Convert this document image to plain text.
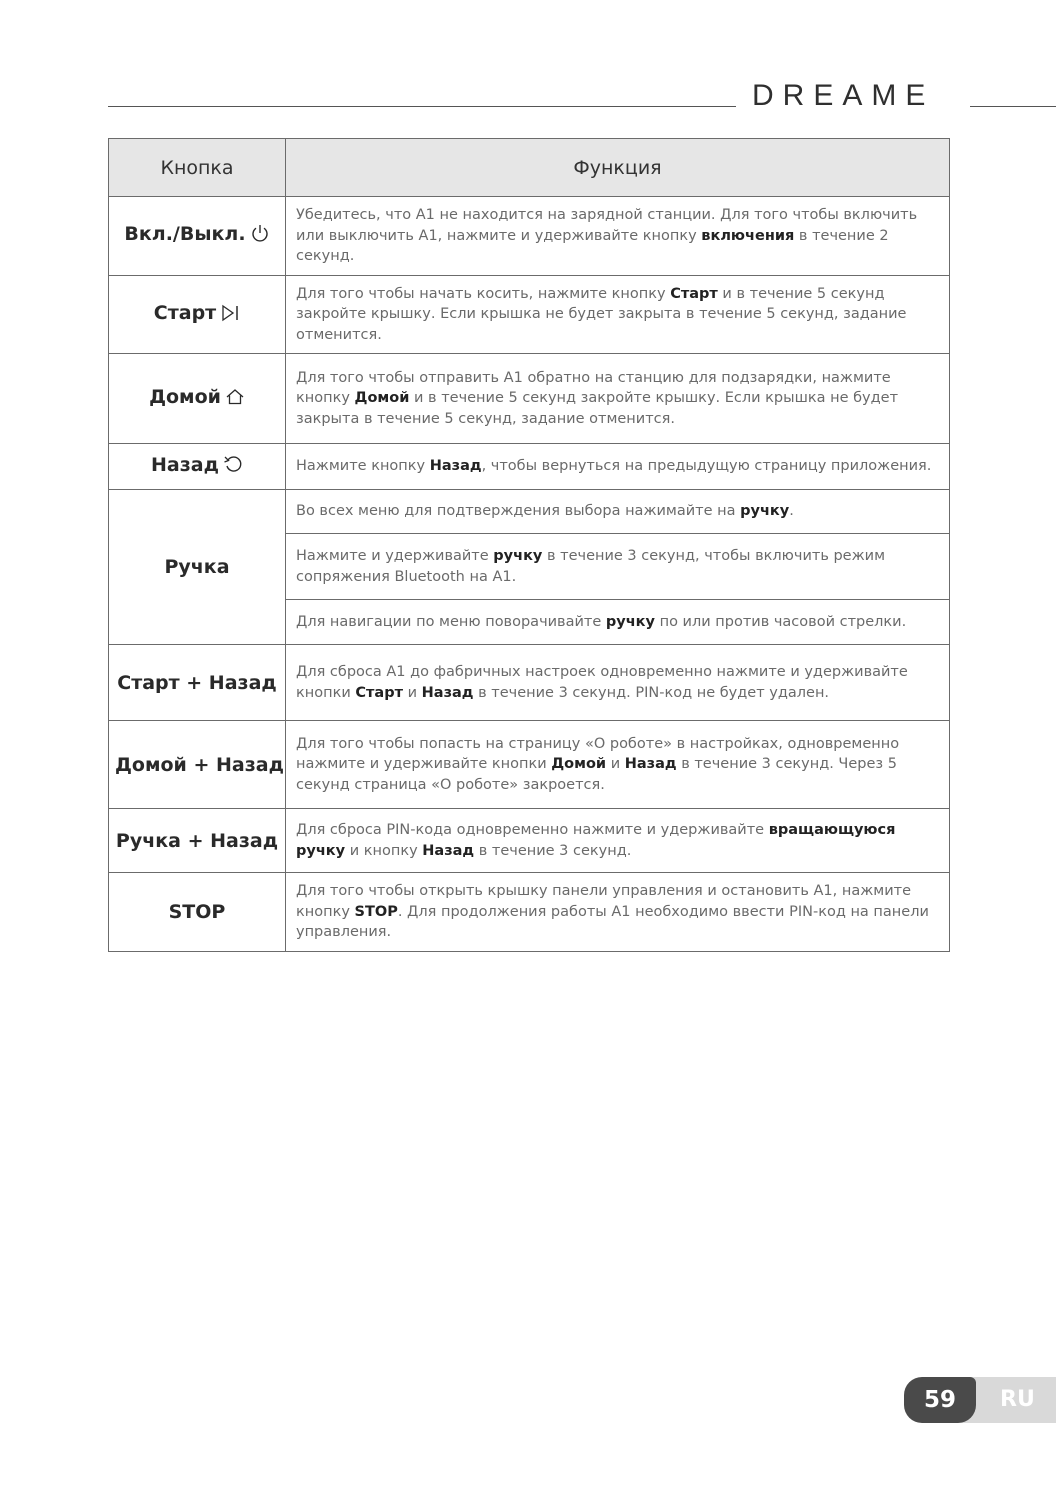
DREAME
Кнопка	Функция
Вкл./Выкл.	Убедитесь, что A1 не находится на зарядной станции. Для того чтобы включить или выключить A1, нажмите и удерживайте кнопку включения в течение 2 секунд.
Старт	Для того чтобы начать косить, нажмите кнопку Старт и в течение 5 секунд закройте крышку. Если крышка не будет закрыта в течение 5 секунд, задание отменится.
Домой	Для того чтобы отправить A1 обратно на станцию для подзарядки, нажмите кнопку Домой и в течение 5 секунд закройте крышку. Если крышка не будет закрыта в течение 5 секунд, задание отменится.
Назад	Нажмите кнопку Назад, чтобы вернуться на предыдущую страницу приложения.
Ручка	Во всех меню для подтверждения выбора нажимайте на ручку.
	Нажмите и удерживайте ручку в течение 3 секунд, чтобы включить режим сопряжения Bluetooth на A1.
	Для навигации по меню поворачивайте ручку по или против часовой стрелки.
Старт + Назад	Для сброса A1 до фабричных настроек одновременно нажмите и удерживайте кнопки Старт и Назад в течение 3 секунд. PIN-код не будет удален.
Домой + Назад	Для того чтобы попасть на страницу «О роботе» в настройках, одновременно нажмите и удерживайте кнопки Домой и Назад в течение 3 секунд. Через 5 секунд страница «О роботе» закроется.
Ручка + Назад	Для сброса PIN-кода одновременно нажмите и удерживайте вращающуюся ручку и кнопку Назад в течение 3 секунд.
STOP	Для того чтобы открыть крышку панели управления и остановить A1, нажмите кнопку STOP. Для продолжения работы A1 необходимо ввести PIN-код на панели управления.
59	RU
